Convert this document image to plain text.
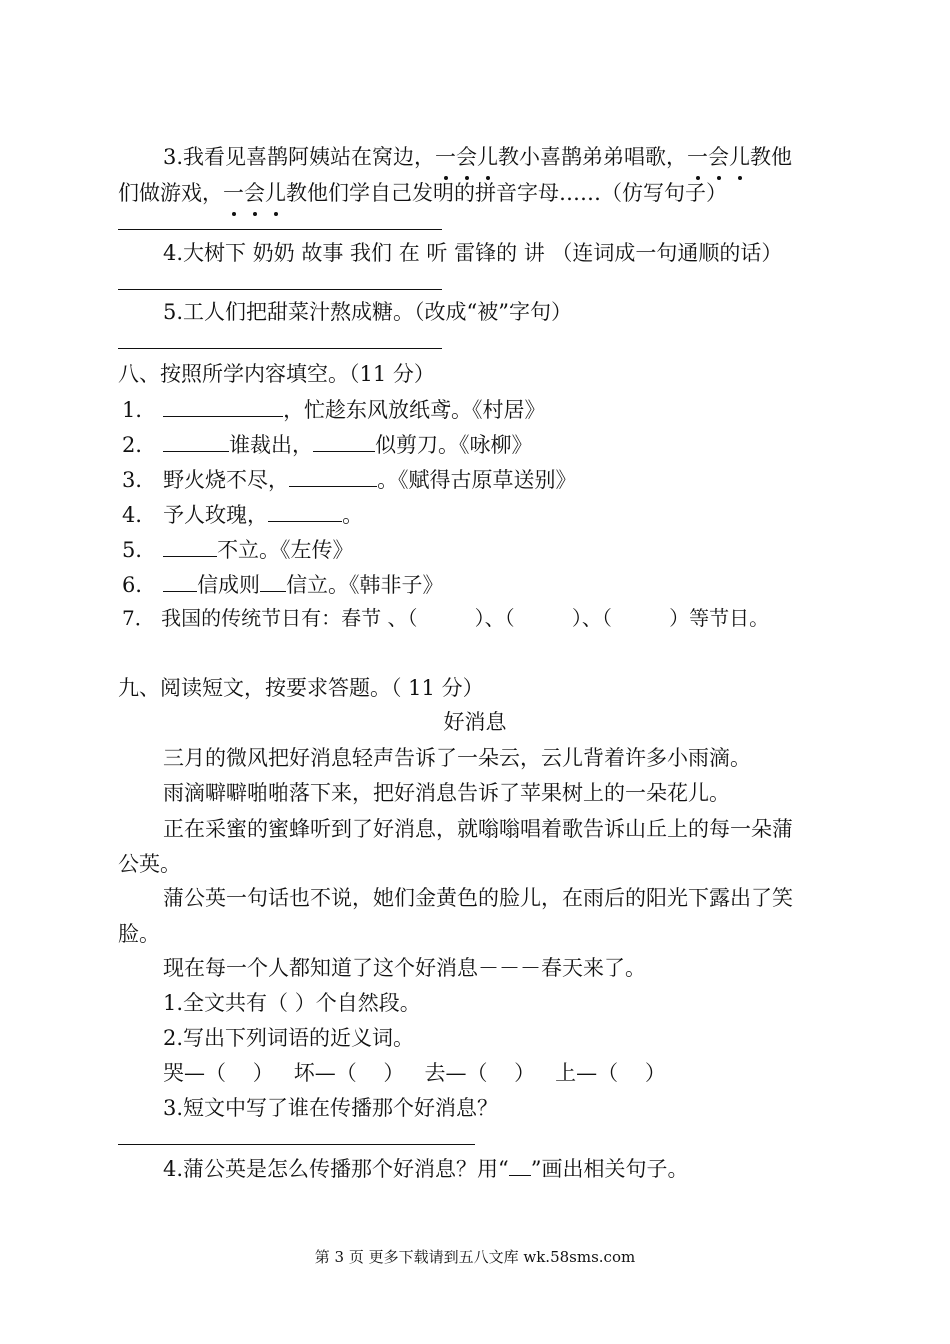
3.我看见喜鹊阿姨站在窝边，一会儿教小喜鹊弟弟唱歌，一会儿教他
们做游戏，一会儿教他们学自己发明的拼音字母……（仿写句子）
4.大树下 奶奶 故事 我们 在 听 雷锋的 讲 （连词成一句通顺的话）
5.工人们把甜菜汁熬成糖。（改成“被”字句）
八、按照所学内容填空。（11 分）
1．	，忙趁东风放纸鸢。《村居》
2．	谁裁出，	似剪刀。《咏柳》
3． 野火烧不尽，	。《赋得古原草送别》
4． 予人玫瑰，	。
5．	不立。《左传》
6． 信成则 信立。《韩非子》
7． 我国的传统节日有：春节 、（         ）、（         ）、（         ）等节日。
九、阅读短文，按要求答题。（ 11 分）
好消息
三月的微风把好消息轻声告诉了一朵云，云儿背着许多小雨滴。
雨滴噼噼啪啪落下来，把好消息告诉了苹果树上的一朵花儿。
正在采蜜的蜜蜂听到了好消息，就嗡嗡唱着歌告诉山丘上的每一朵蒲
公英。
蒲公英一句话也不说，她们金黄色的脸儿，在雨后的阳光下露出了笑
脸。
现在每一个人都知道了这个好消息－－－春天来了。
1.全文共有（ ）个自然段。
2.写出下列词语的近义词。
哭—（    ）   坏—（    ）   去—（    ）   上—（    ）
3.短文中写了谁在传播那个好消息？
4.蒲公英是怎么传播那个好消息？用“ ”画出相关句子。
第 3 页 更多下载请到五八文库 wk.58sms.com
